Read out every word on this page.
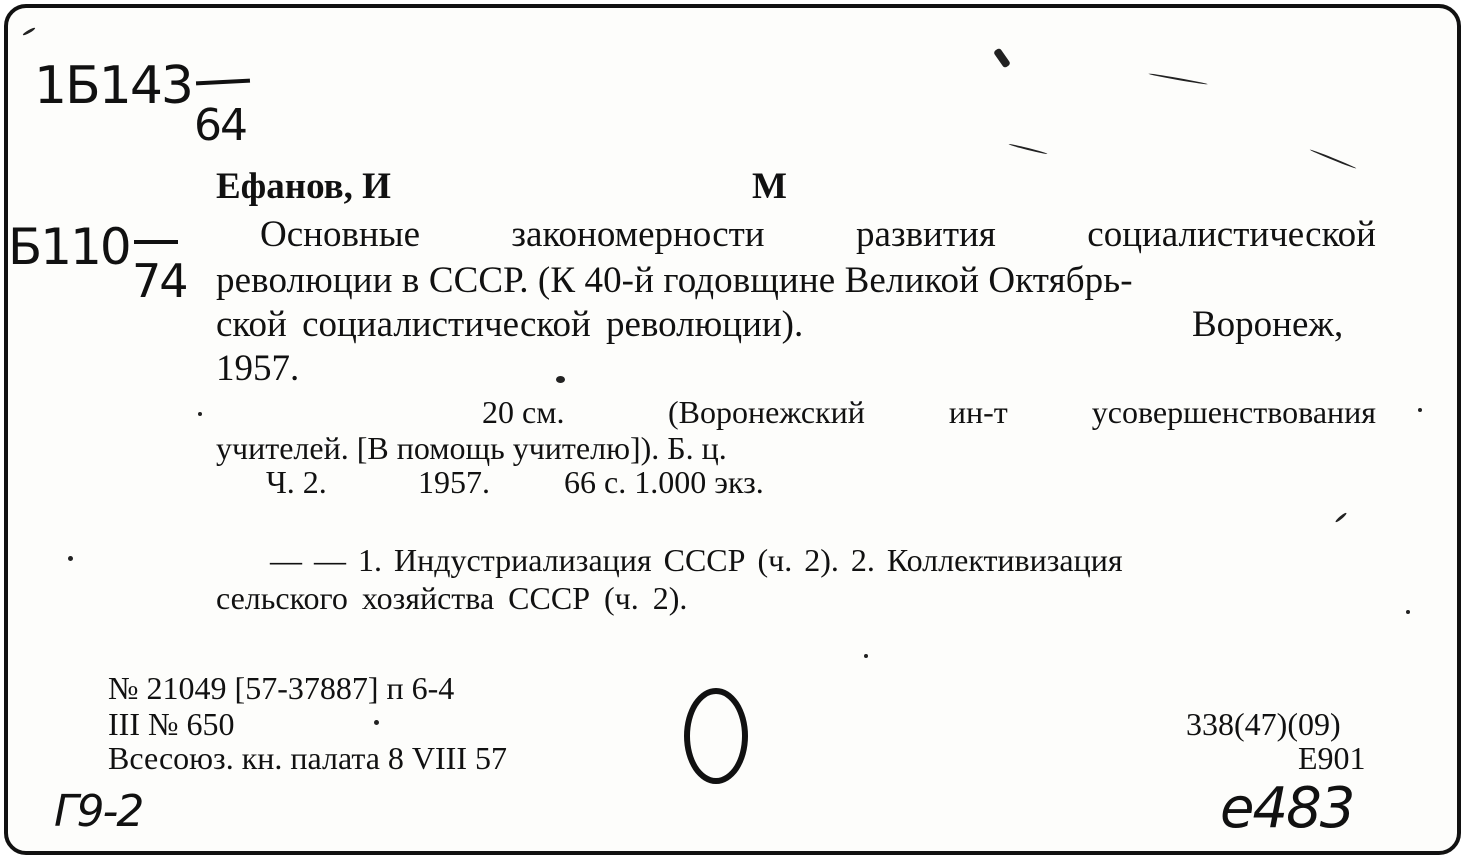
1Б143
64
Б110
74
Ефанов, И	М
Основные закономерности развития социалистической
революции в СССР. (К 40-й годовщине Великой Октябрь-
ской социалистической революции).	Воронеж,
1957.
20 см.	(Воронежский	ин-т	усовершенствования
учителей. [В помощь учителю]). Б. ц.
Ч. 2.	1957. 66 с. 1.000 экз.
— — 1. Индустриализация СССР (ч. 2). 2. Коллективизация
сельского хозяйства СССР (ч. 2).
№ 21049 [57-37887] п 6-4
III № 650
Всесоюз. кн. палата 8 VIII 57
338(47)(09)
Е901
Г9-2	е483
